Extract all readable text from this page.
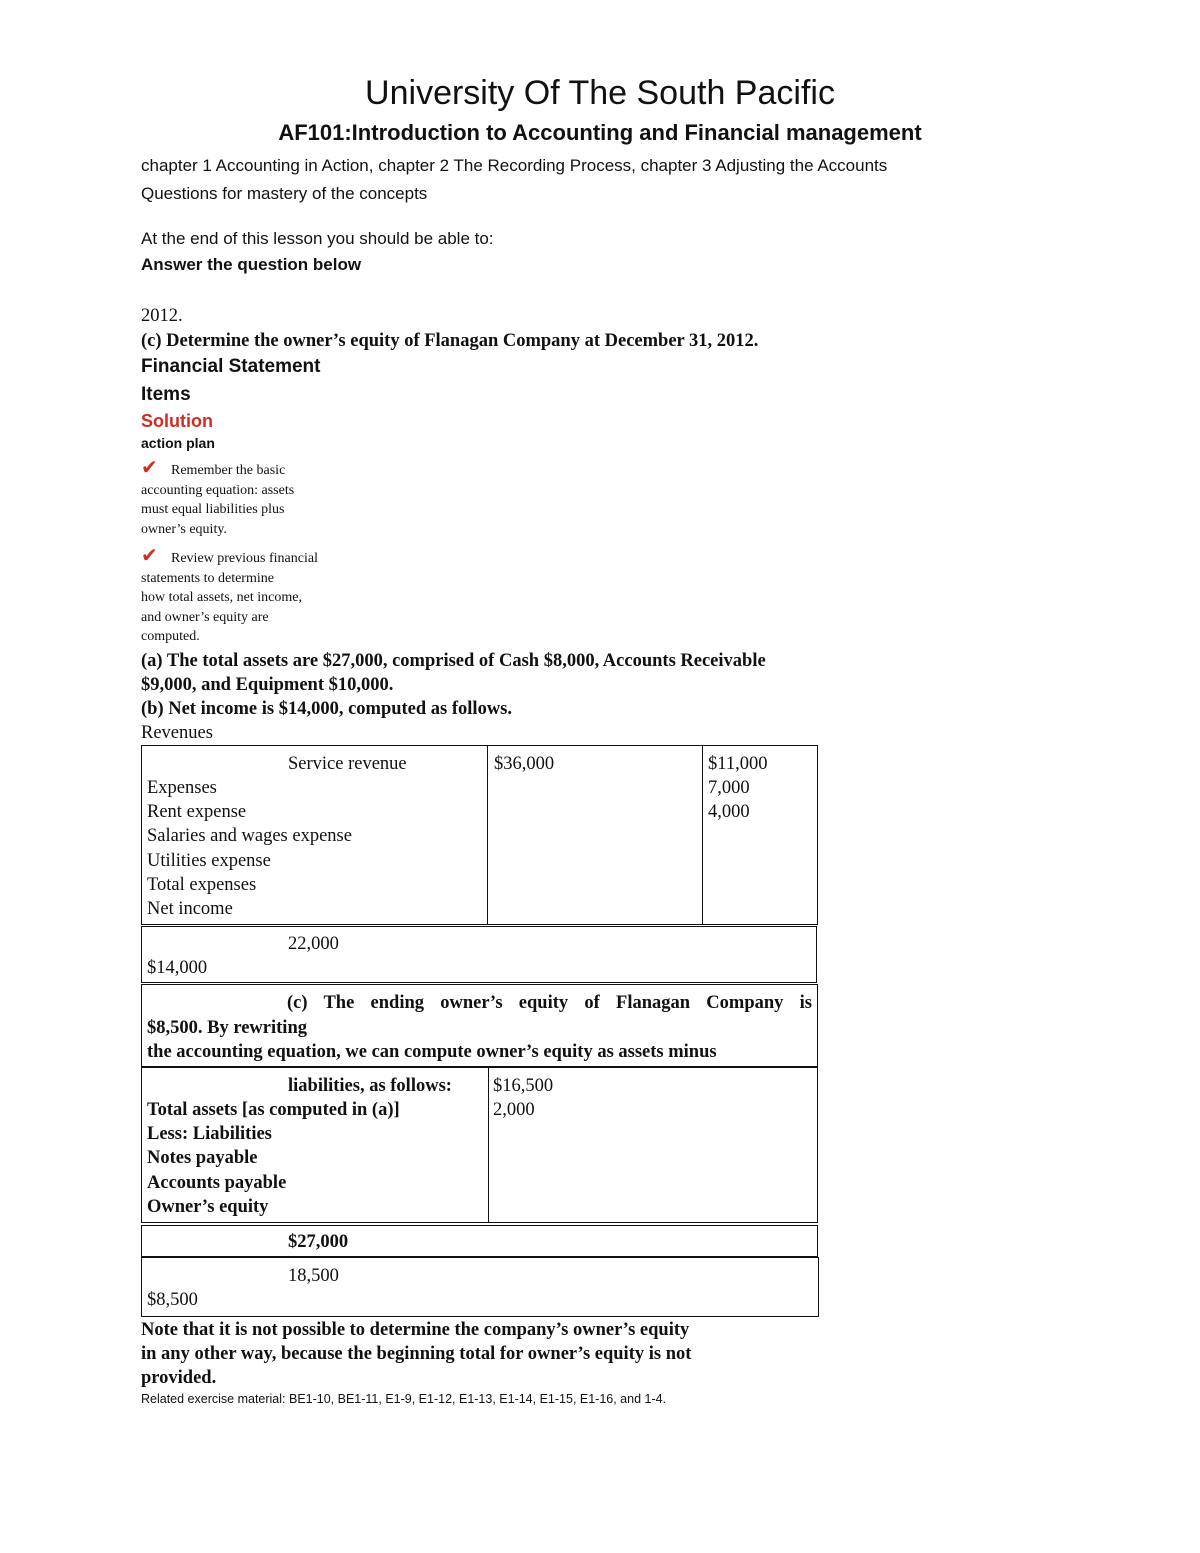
University Of The South Pacific
AF101:Introduction to Accounting and Financial management
chapter 1 Accounting in Action, chapter 2 The Recording Process, chapter 3 Adjusting the Accounts
Questions for mastery of the concepts
At the end of this lesson you should be able to:
Answer the question below
2012.
(c) Determine the owner’s equity of Flanagan Company at December 31, 2012.
Financial Statement
Items
Solution
action plan
✔ Remember the basic
accounting equation: assets
must equal liabilities plus
owner’s equity.
✔ Review previous financial
statements to determine
how total assets, net income,
and owner’s equity are
computed.
(a) The total assets are $27,000, comprised of Cash $8,000, Accounts Receivable
$9,000, and Equipment $10,000.
(b) Net income is $14,000, computed as follows.
Revenues
Service revenue
Expenses
Rent expense
Salaries and wages expense
Utilities expense
Total expenses
Net income
$36,000	$11,000
7,000
4,000
22,000
$14,000
(c) The ending owner’s equity of Flanagan Company is
$8,500. By rewriting
the accounting equation, we can compute owner’s equity as assets minus
liabilities, as follows:
Total assets [as computed in (a)]
Less: Liabilities
Notes payable
Accounts payable
Owner’s equity
$16,500
2,000
$27,000
18,500
$8,500
Note that it is not possible to determine the company’s owner’s equity
in any other way, because the beginning total for owner’s equity is not
provided.
Related exercise material: BE1-10, BE1-11, E1-9, E1-12, E1-13, E1-14, E1-15, E1-16, and 1-4.
